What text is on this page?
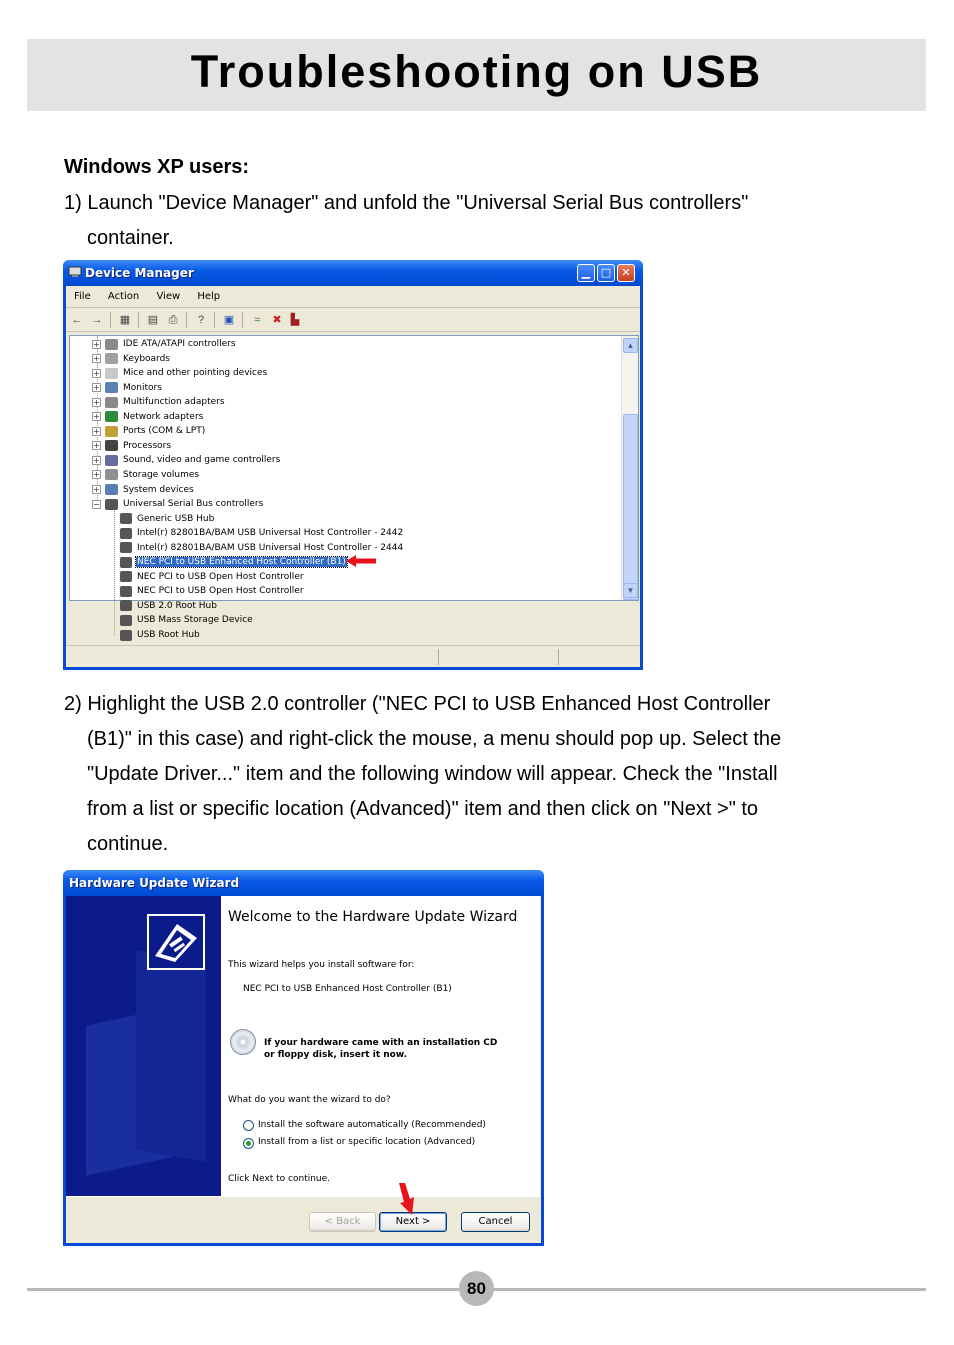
Troubleshooting on USB
Windows XP users:
1) Launch "Device Manager" and unfold the "Universal Serial Bus controllers"
container.
Device Manager	▁ □ ✕
File Action View Help
← → ▦ ▤ ⎙	?	▣	≈	✖ ▙
+	IDE ATA/ATAPI controllers
+	Keyboards
+	Mice and other pointing devices
+	Monitors
+	Multifunction adapters
+	Network adapters
+	Ports (COM & LPT)
+	Processors
+	Sound, video and game controllers
+	Storage volumes
+	System devices
−	Universal Serial Bus controllers
Generic USB Hub
Intel(r) 82801BA/BAM USB Universal Host Controller - 2442
Intel(r) 82801BA/BAM USB Universal Host Controller - 2444
NEC PCI to USB Enhanced Host Controller (B1)
NEC PCI to USB Open Host Controller
NEC PCI to USB Open Host Controller
USB 2.0 Root Hub
USB Mass Storage Device
USB Root Hub
▲
▼
2) Highlight the USB 2.0 controller ("NEC PCI to USB Enhanced Host Controller
(B1)" in this case) and right-click the mouse, a menu should pop up. Select the
"Update Driver..." item and the following window will appear. Check the "Install
from a list or specific location (Advanced)" item and then click on "Next >" to
continue.
Hardware Update Wizard
Welcome to the Hardware Update Wizard
This wizard helps you install software for:
NEC PCI to USB Enhanced Host Controller (B1)
If your hardware came with an installation CD
or floppy disk, insert it now.
What do you want the wizard to do?
Install the software automatically (Recommended)
Install from a list or specific location (Advanced)
Click Next to continue.
< Back	Next >	Cancel
80
